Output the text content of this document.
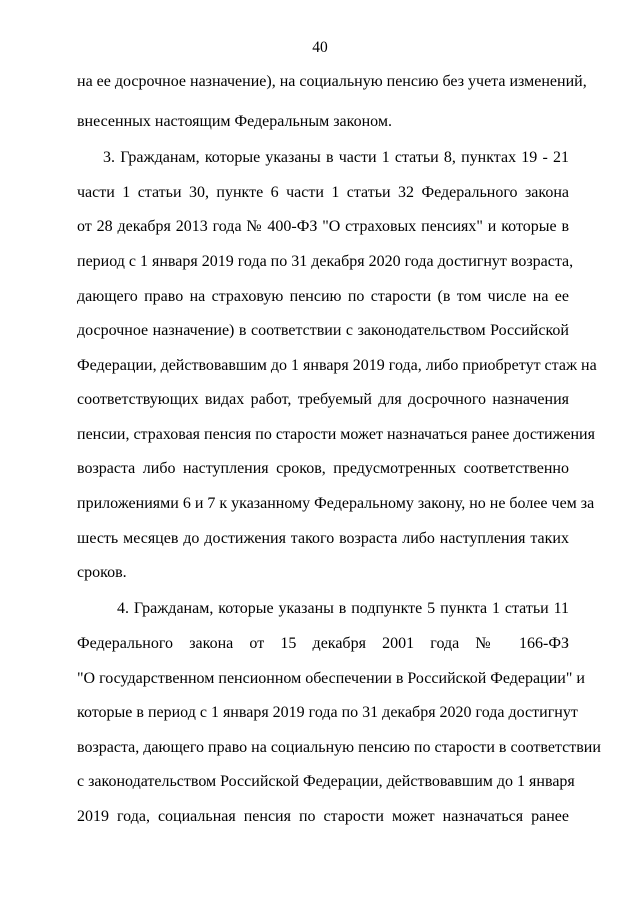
40
на ее досрочное назначение), на социальную пенсию без учета изменений,
внесенных настоящим Федеральным законом.
3. Гражданам, которые указаны в части 1 статьи 8, пунктах 19 - 21
части 1 статьи 30, пункте 6 части 1 статьи 32 Федерального закона
от 28 декабря 2013 года № 400-ФЗ "О страховых пенсиях" и которые в
период с 1 января 2019 года по 31 декабря 2020 года достигнут возраста,
дающего право на страховую пенсию по старости (в том числе на ее
досрочное назначение) в соответствии с законодательством Российской
Федерации, действовавшим до 1 января 2019 года, либо приобретут стаж на
соответствующих видах работ, требуемый для досрочного назначения
пенсии, страховая пенсия по старости может назначаться ранее достижения
возраста либо наступления сроков, предусмотренных соответственно
приложениями 6 и 7 к указанному Федеральному закону, но не более чем за
шесть месяцев до достижения такого возраста либо наступления таких
сроков.
4. Гражданам, которые указаны в подпункте 5 пункта 1 статьи 11
Федерального закона от 15 декабря 2001 года № 166-ФЗ
"О государственном пенсионном обеспечении в Российской Федерации" и
которые в период с 1 января 2019 года по 31 декабря 2020 года достигнут
возраста, дающего право на социальную пенсию по старости в соответствии
с законодательством Российской Федерации, действовавшим до 1 января
2019 года, социальная пенсия по старости может назначаться ранее
